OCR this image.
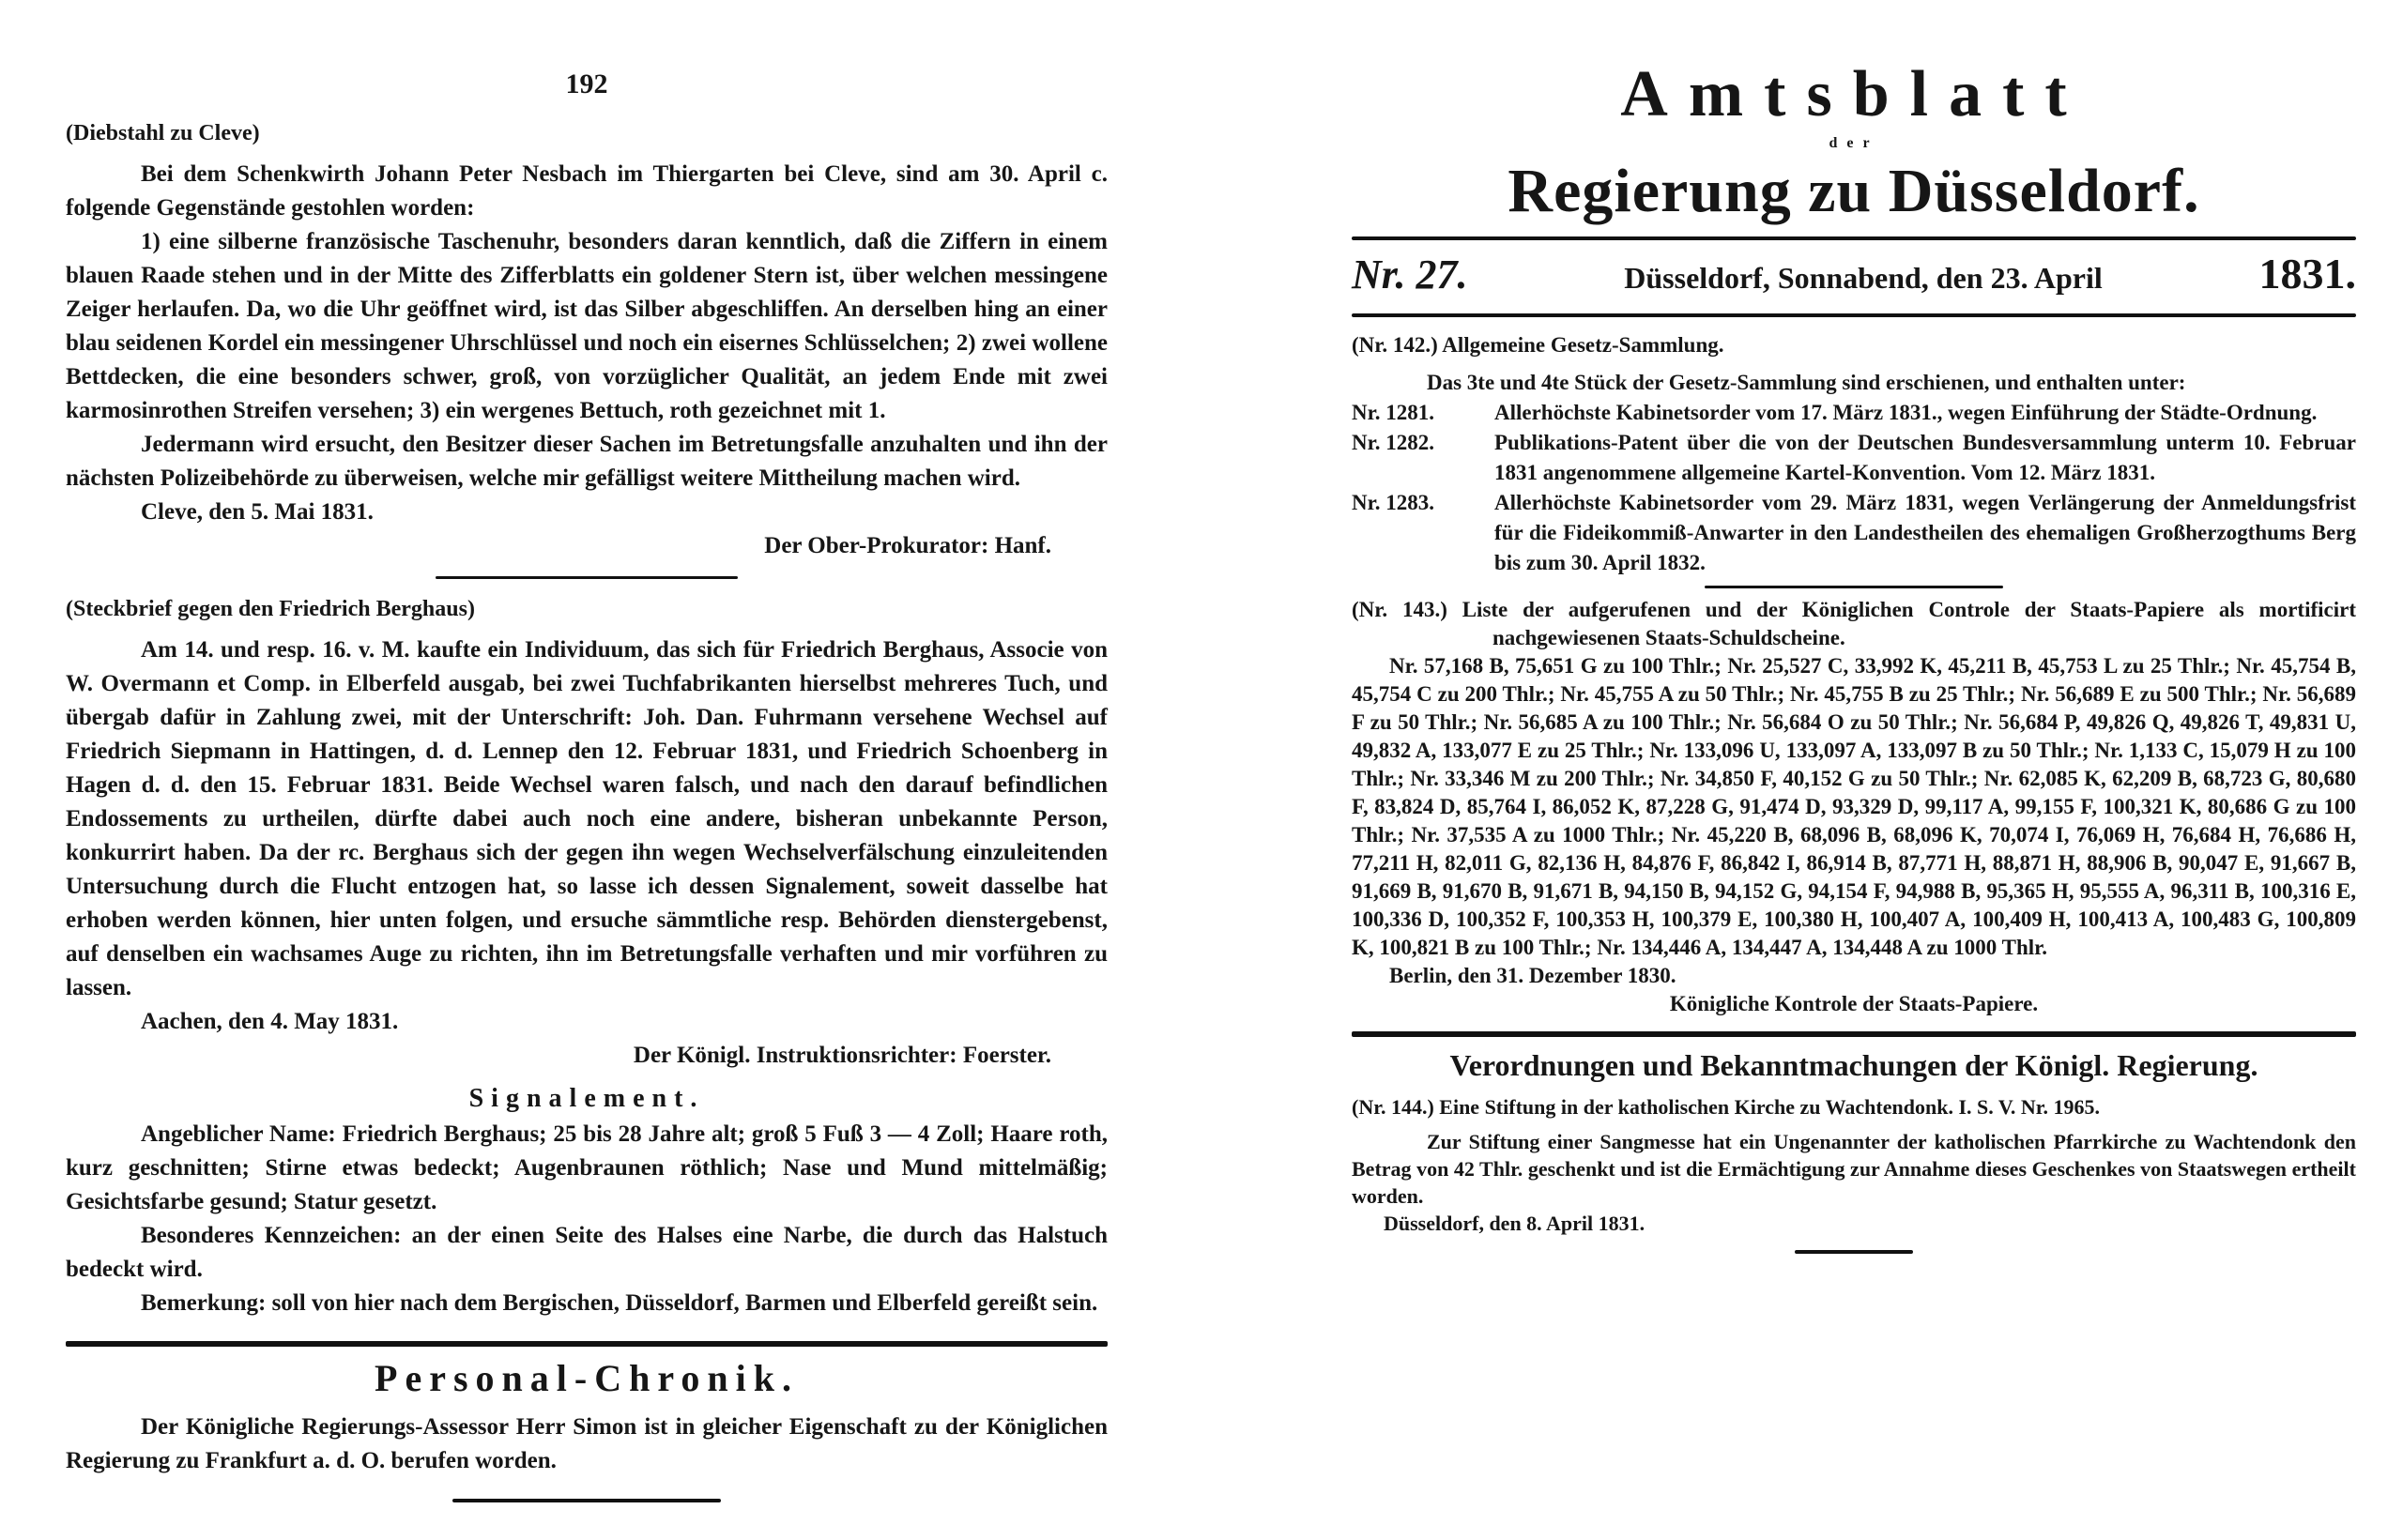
192

(Diebstahl zu Cleve)

Bei dem Schenkwirth Johann Peter Nesbach im Thiergarten bei Cleve, sind am 30. April c. folgende Gegenstände gestohlen worden:

1) eine silberne französische Taschenuhr, besonders daran kenntlich, daß die Ziffern in einem blauen Raade stehen und in der Mitte des Zifferblatts ein goldener Stern ist, über welchen messingene Zeiger herlaufen. Da, wo die Uhr geöffnet wird, ist das Silber abgeschliffen. An derselben hing an einer blau seidenen Kordel ein messingener Uhrschlüssel und noch ein eisernes Schlüsselchen; 2) zwei wollene Bettdecken, die eine besonders schwer, groß, von vorzüglicher Qualität, an jedem Ende mit zwei karmosinrothen Streifen versehen; 3) ein wergenes Bettuch, roth gezeichnet mit 1.

Jedermann wird ersucht, den Besitzer dieser Sachen im Betretungsfalle anzuhalten und ihn der nächsten Polizeibehörde zu überweisen, welche mir gefälligst weitere Mittheilung machen wird.

Cleve, den 5. Mai 1831.

Der Ober-Prokurator: Hanf.

(Steckbrief gegen den Friedrich Berghaus)

Am 14. und resp. 16. v. M. kaufte ein Individuum, das sich für Friedrich Berghaus, Associe von W. Overmann et Comp. in Elberfeld ausgab, bei zwei Tuchfabrikanten hierselbst mehreres Tuch, und übergab dafür in Zahlung zwei, mit der Unterschrift: Joh. Dan. Fuhrmann versehene Wechsel auf Friedrich Siepmann in Hattingen, d. d. Lennep den 12. Februar 1831, und Friedrich Schoenberg in Hagen d. d. den 15. Februar 1831. Beide Wechsel waren falsch, und nach den darauf befindlichen Endossements zu urtheilen, dürfte dabei auch noch eine andere, bisheran unbekannte Person, konkurrirt haben. Da der rc. Berghaus sich der gegen ihn wegen Wechselverfälschung einzuleitenden Untersuchung durch die Flucht entzogen hat, so lasse ich dessen Signalement, soweit dasselbe hat erhoben werden können, hier unten folgen, und ersuche sämmtliche resp. Behörden dienstergebenst, auf denselben ein wachsames Auge zu richten, ihn im Betretungsfalle verhaften und mir vorführen zu lassen.

Aachen, den 4. May 1831.

Der Königl. Instruktionsrichter: Foerster.

Signalement.

Angeblicher Name: Friedrich Berghaus; 25 bis 28 Jahre alt; groß 5 Fuß 3 — 4 Zoll; Haare roth, kurz geschnitten; Stirne etwas bedeckt; Augenbraunen röthlich; Nase und Mund mittelmäßig; Gesichtsfarbe gesund; Statur gesetzt.

Besonderes Kennzeichen: an der einen Seite des Halses eine Narbe, die durch das Halstuch bedeckt wird.

Bemerkung: soll von hier nach dem Bergischen, Düsseldorf, Barmen und Elberfeld gereißt sein.

Personal-Chronik.

Der Königliche Regierungs-Assessor Herr Simon ist in gleicher Eigenschaft zu der Königlichen Regierung zu Frankfurt a. d. O. berufen worden.

Amtsblatt
der
Regierung zu Düsseldorf.
Nr. 27.	Düsseldorf, Sonnabend, den 23. April	1831.

(Nr. 142.) Allgemeine Gesetz-Sammlung.

Das 3te und 4te Stück der Gesetz-Sammlung sind erschienen, und enthalten unter:

Nr. 1281.	Allerhöchste Kabinetsorder vom 17. März 1831., wegen Einführung der Städte-Ordnung.
Nr. 1282.	Publikations-Patent über die von der Deutschen Bundesversammlung unterm 10. Februar 1831 angenommene allgemeine Kartel-Konvention. Vom 12. März 1831.
Nr. 1283.	Allerhöchste Kabinetsorder vom 29. März 1831, wegen Verlängerung der Anmeldungsfrist für die Fideikommiß-Anwarter in den Landestheilen des ehemaligen Großherzogthums Berg bis zum 30. April 1832.

(Nr. 143.) Liste der aufgerufenen und der Königlichen Controle der Staats-Papiere als mortificirt nachgewiesenen Staats-Schuldscheine.

Nr. 57,168 B, 75,651 G zu 100 Thlr.; Nr. 25,527 C, 33,992 K, 45,211 B, 45,753 L zu 25 Thlr.; Nr. 45,754 B, 45,754 C zu 200 Thlr.; Nr. 45,755 A zu 50 Thlr.; Nr. 45,755 B zu 25 Thlr.; Nr. 56,689 E zu 500 Thlr.; Nr. 56,689 F zu 50 Thlr.; Nr. 56,685 A zu 100 Thlr.; Nr. 56,684 O zu 50 Thlr.; Nr. 56,684 P, 49,826 Q, 49,826 T, 49,831 U, 49,832 A, 133,077 E zu 25 Thlr.; Nr. 133,096 U, 133,097 A, 133,097 B zu 50 Thlr.; Nr. 1,133 C, 15,079 H zu 100 Thlr.; Nr. 33,346 M zu 200 Thlr.; Nr. 34,850 F, 40,152 G zu 50 Thlr.; Nr. 62,085 K, 62,209 B, 68,723 G, 80,680 F, 83,824 D, 85,764 I, 86,052 K, 87,228 G, 91,474 D, 93,329 D, 99,117 A, 99,155 F, 100,321 K, 80,686 G zu 100 Thlr.; Nr. 37,535 A zu 1000 Thlr.; Nr. 45,220 B, 68,096 B, 68,096 K, 70,074 I, 76,069 H, 76,684 H, 76,686 H, 77,211 H, 82,011 G, 82,136 H, 84,876 F, 86,842 I, 86,914 B, 87,771 H, 88,871 H, 88,906 B, 90,047 E, 91,667 B, 91,669 B, 91,670 B, 91,671 B, 94,150 B, 94,152 G, 94,154 F, 94,988 B, 95,365 H, 95,555 A, 96,311 B, 100,316 E, 100,336 D, 100,352 F, 100,353 H, 100,379 E, 100,380 H, 100,407 A, 100,409 H, 100,413 A, 100,483 G, 100,809 K, 100,821 B zu 100 Thlr.; Nr. 134,446 A, 134,447 A, 134,448 A zu 1000 Thlr.

Berlin, den 31. Dezember 1830.

Königliche Kontrole der Staats-Papiere.

Verordnungen und Bekanntmachungen der Königl. Regierung.

(Nr. 144.) Eine Stiftung in der katholischen Kirche zu Wachtendonk. I. S. V. Nr. 1965.

Zur Stiftung einer Sangmesse hat ein Ungenannter der katholischen Pfarrkirche zu Wachtendonk den Betrag von 42 Thlr. geschenkt und ist die Ermächtigung zur Annahme dieses Geschenkes von Staatswegen ertheilt worden.

Düsseldorf, den 8. April 1831.
